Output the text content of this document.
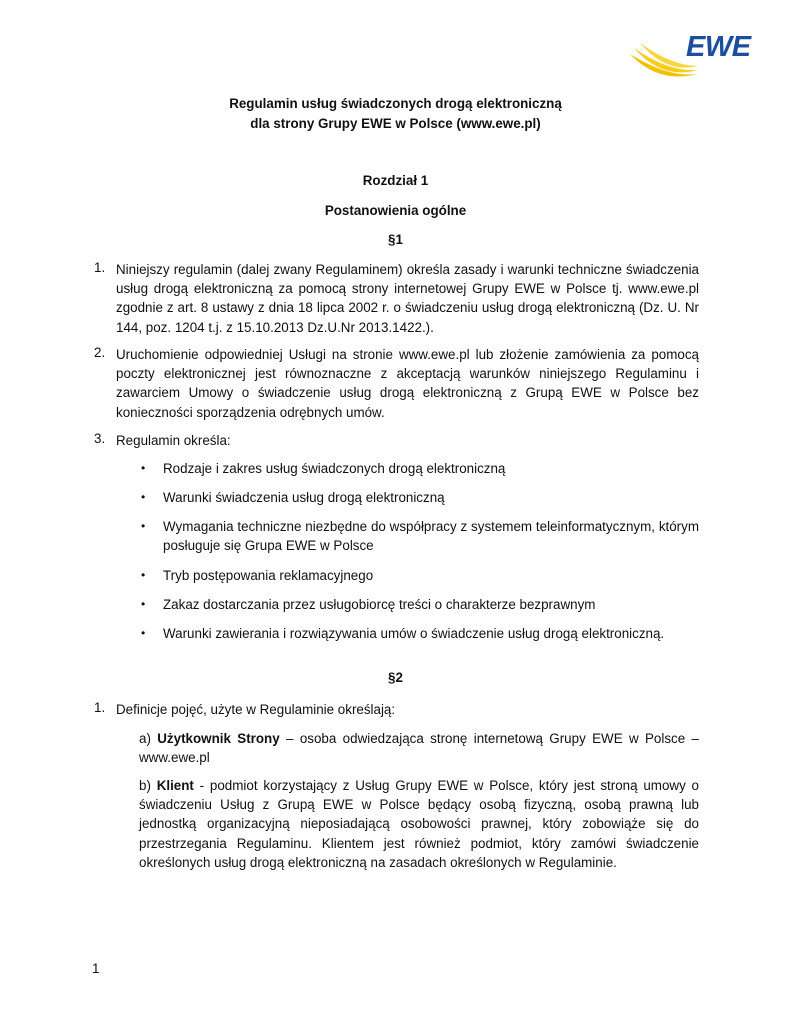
EWE
Regulamin usług świadczonych drogą elektroniczną
dla strony Grupy EWE w Polsce (www.ewe.pl)
Rozdział 1
Postanowienia ogólne
§1
1. Niniejszy regulamin (dalej zwany Regulaminem) określa zasady i warunki techniczne świadczenia usług drogą elektroniczną za pomocą strony internetowej Grupy EWE w Polsce tj. www.ewe.pl zgodnie z art. 8 ustawy z dnia 18 lipca 2002 r. o świadczeniu usług drogą elektroniczną (Dz. U. Nr 144, poz. 1204 t.j. z 15.10.2013 Dz.U.Nr 2013.1422.).
2. Uruchomienie odpowiedniej Usługi na stronie www.ewe.pl lub złożenie zamówienia za pomocą poczty elektronicznej jest równoznaczne z akceptacją warunków niniejszego Regulaminu i zawarciem Umowy o świadczenie usług drogą elektroniczną z Grupą EWE w Polsce bez konieczności sporządzenia odrębnych umów.
3. Regulamin określa:
• Rodzaje i zakres usług świadczonych drogą elektroniczną
• Warunki świadczenia usług drogą elektroniczną
• Wymagania techniczne niezbędne do współpracy z systemem teleinformatycznym, którym posługuje się Grupa EWE w Polsce
• Tryb postępowania reklamacyjnego
• Zakaz dostarczania przez usługobiorcę treści o charakterze bezprawnym
• Warunki zawierania i rozwiązywania umów o świadczenie usług drogą elektroniczną.
§2
1. Definicje pojęć, użyte w Regulaminie określają:
a) Użytkownik Strony – osoba odwiedzająca stronę internetową Grupy EWE w Polsce – www.ewe.pl
b) Klient - podmiot korzystający z Usług Grupy EWE w Polsce, który jest stroną umowy o świadczeniu Usług z Grupą EWE w Polsce będący osobą fizyczną, osobą prawną lub jednostką organizacyjną nieposiadającą osobowości prawnej, który zobowiąże się do przestrzegania Regulaminu. Klientem jest również podmiot, który zamówi świadczenie określonych usług drogą elektroniczną na zasadach określonych w Regulaminie.
1
